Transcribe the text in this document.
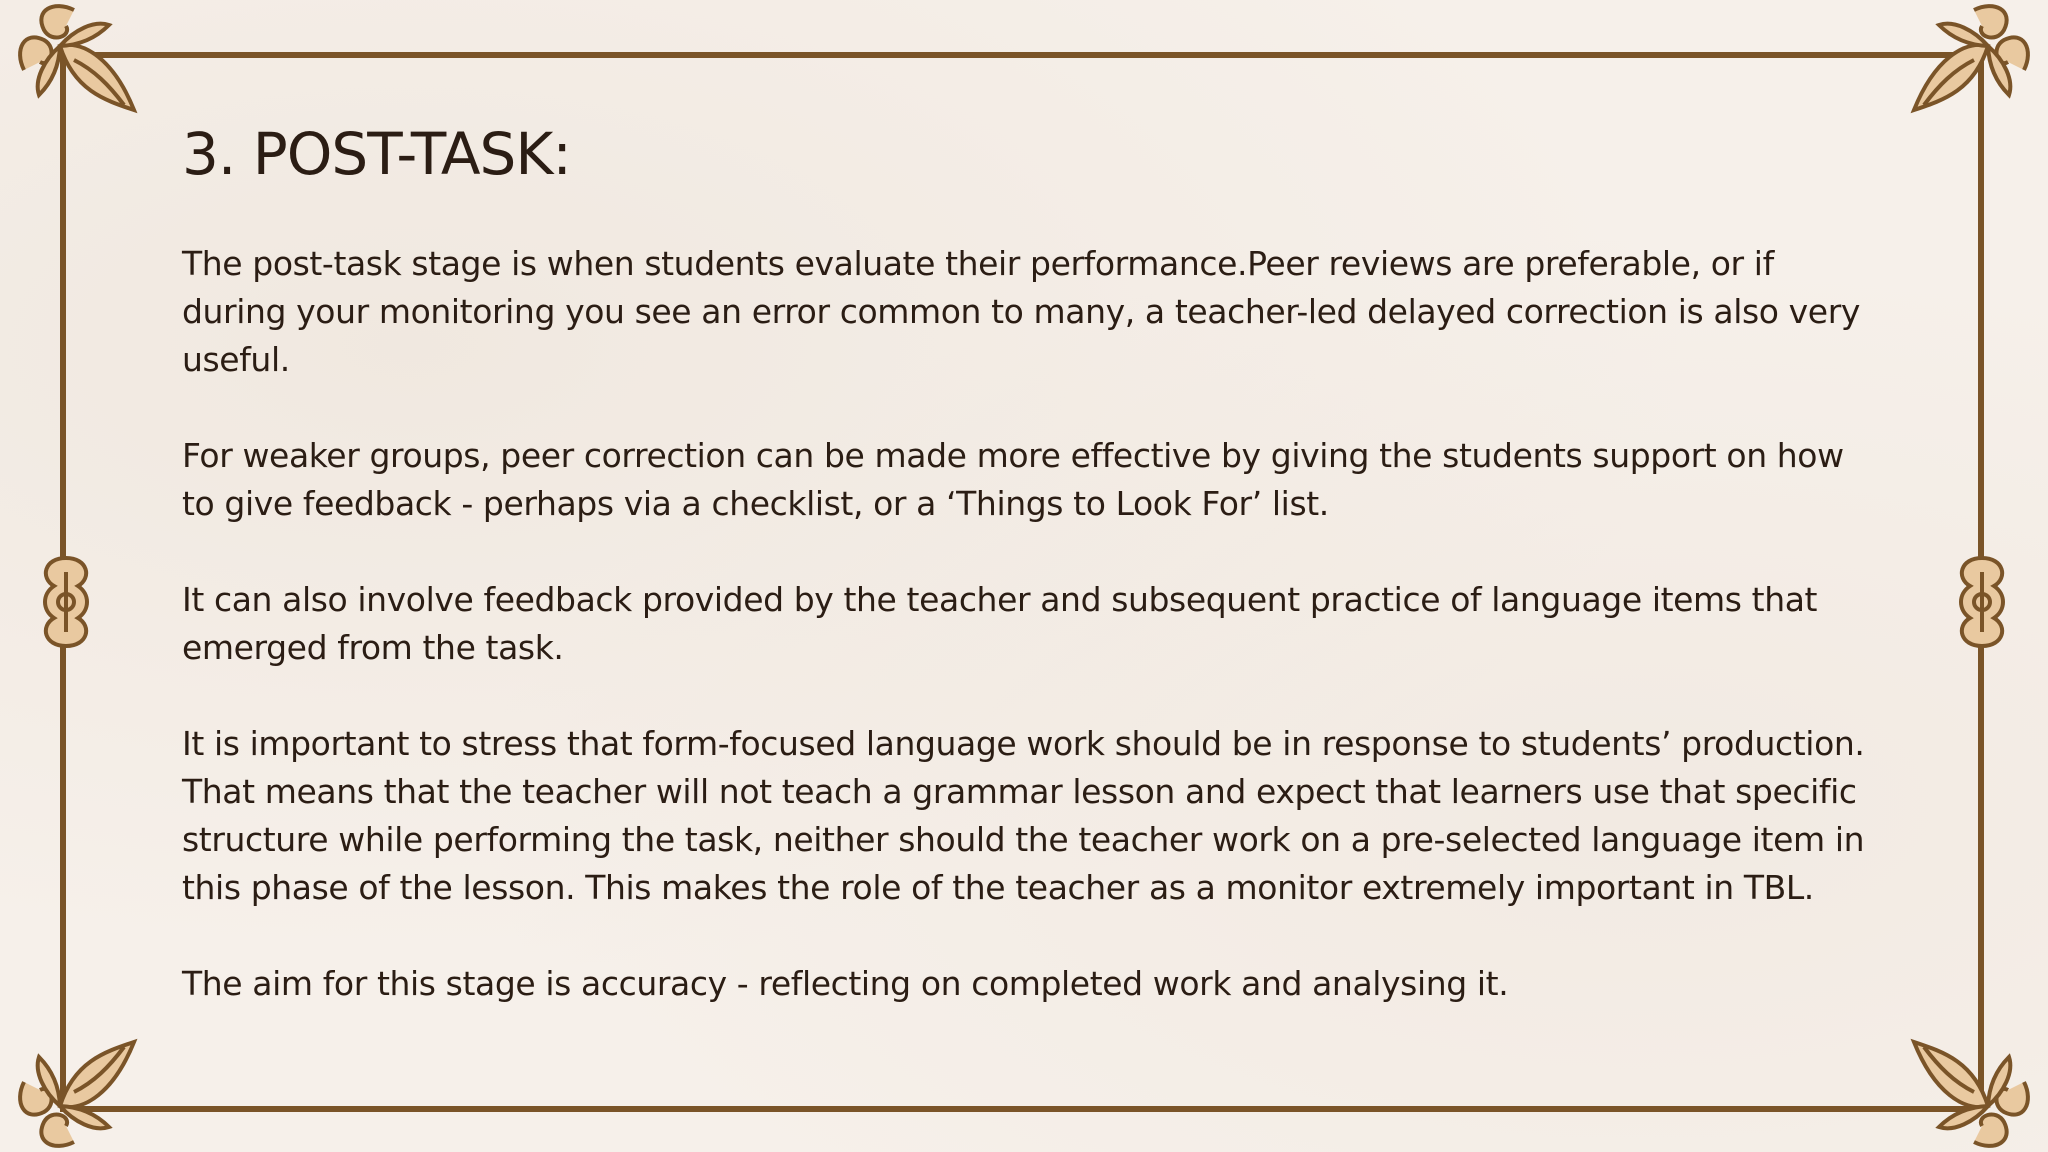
3. POST-TASK:

The post-task stage is when students evaluate their performance.Peer reviews are preferable, or if during your monitoring you see an error common to many, a teacher-led delayed correction is also very useful.

For weaker groups, peer correction can be made more effective by giving the students support on how to give feedback - perhaps via a checklist, or a ‘Things to Look For’ list.

It can also involve feedback provided by the teacher and subsequent practice of language items that emerged from the task.

It is important to stress that form-focused language work should be in response to students’ production. That means that the teacher will not teach a grammar lesson and expect that learners use that specific structure while performing the task, neither should the teacher work on a pre-selected language item in this phase of the lesson. This makes the role of the teacher as a monitor extremely important in TBL.

The aim for this stage is accuracy - reflecting on completed work and analysing it.
